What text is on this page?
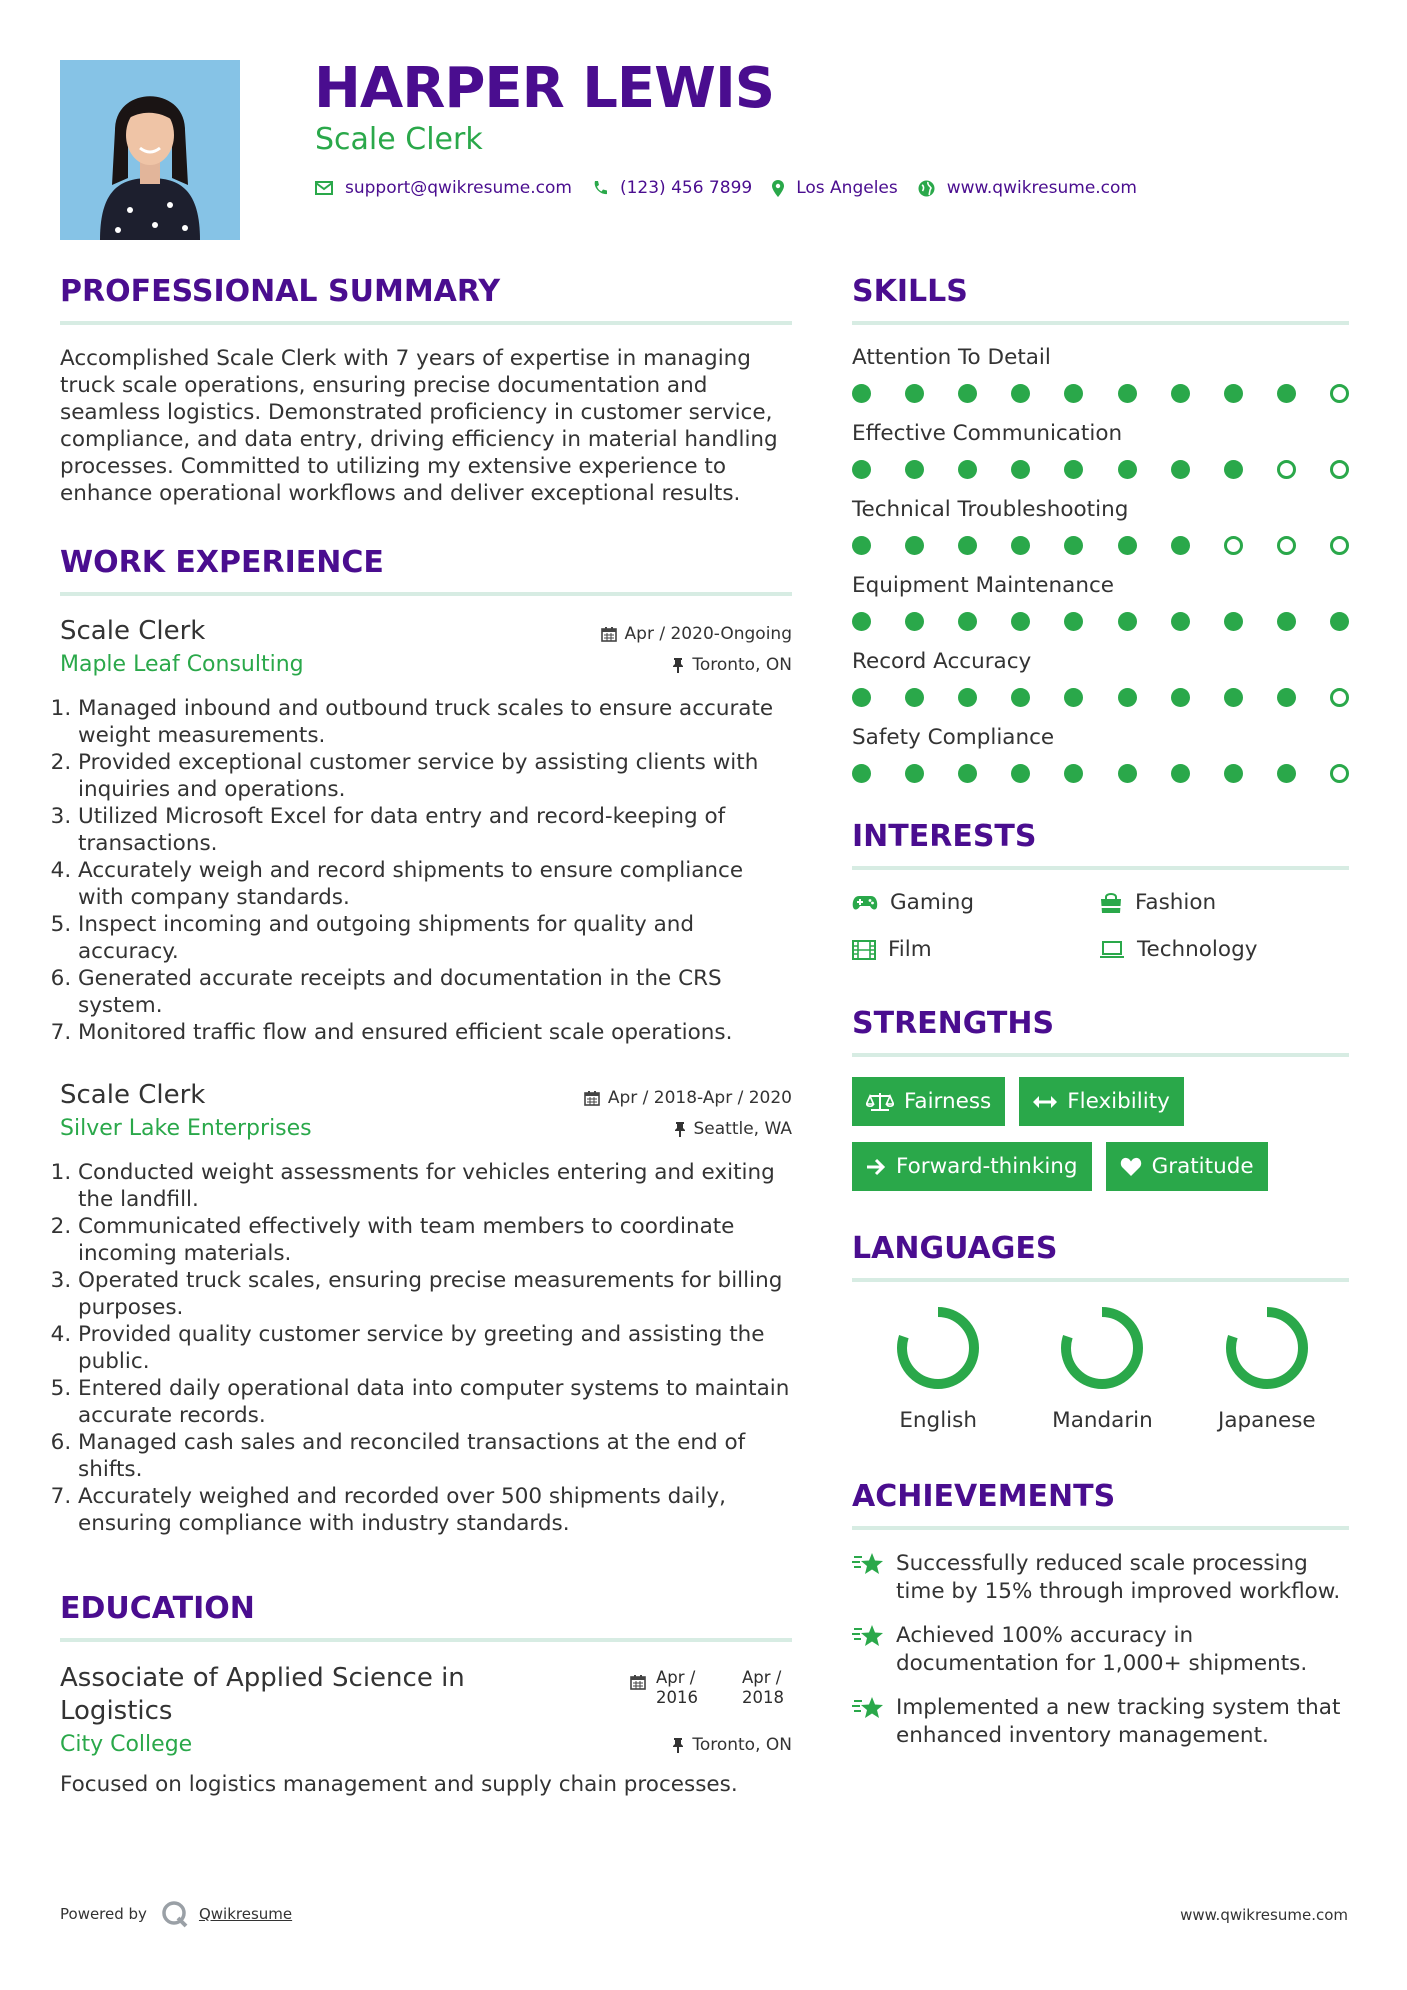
HARPER LEWIS
Scale Clerk
support@qwikresume.com	(123) 456 7899	Los Angeles	www.qwikresume.com
PROFESSIONAL SUMMARY

Accomplished Scale Clerk with 7 years of expertise in managing truck scale operations, ensuring precise documentation and seamless logistics. Demonstrated proficiency in customer service, compliance, and data entry, driving efficiency in material handling processes. Committed to utilizing my extensive experience to enhance operational workflows and deliver exceptional results.

WORK EXPERIENCE
Scale Clerk	Apr / 2020-Ongoing
Maple Leaf Consulting	Toronto, ON
1. Managed inbound and outbound truck scales to ensure accurate weight measurements.
2. Provided exceptional customer service by assisting clients with inquiries and operations.
3. Utilized Microsoft Excel for data entry and record-keeping of transactions.
4. Accurately weigh and record shipments to ensure compliance with company standards.
5. Inspect incoming and outgoing shipments for quality and accuracy.
6. Generated accurate receipts and documentation in the CRS system.
7. Monitored traffic flow and ensured efficient scale operations.
Scale Clerk	Apr / 2018-Apr / 2020
Silver Lake Enterprises	Seattle, WA
1. Conducted weight assessments for vehicles entering and exiting the landfill.
2. Communicated effectively with team members to coordinate incoming materials.
3. Operated truck scales, ensuring precise measurements for billing purposes.
4. Provided quality customer service by greeting and assisting the public.
5. Entered daily operational data into computer systems to maintain accurate records.
6. Managed cash sales and reconciled transactions at the end of shifts.
7. Accurately weighed and recorded over 500 shipments daily, ensuring compliance with industry standards.
EDUCATION
Associate of Applied Science in Logistics
Apr / 2016
Apr / 2018
City College	Toronto, ON

Focused on logistics management and supply chain processes.

SKILLS
Attention To Detail
Effective Communication
Technical Troubleshooting
Equipment Maintenance
Record Accuracy
Safety Compliance
INTERESTS
Gaming	Fashion
Film	Technology
STRENGTHS
Fairness	Flexibility
Forward-thinking	Gratitude
LANGUAGES
English	Mandarin	Japanese
ACHIEVEMENTS
Successfully reduced scale processing time by 15% through improved workflow.
Achieved 100% accuracy in documentation for 1,000+ shipments.
Implemented a new tracking system that enhanced inventory management.
Powered by	Qwikresume	www.qwikresume.com
